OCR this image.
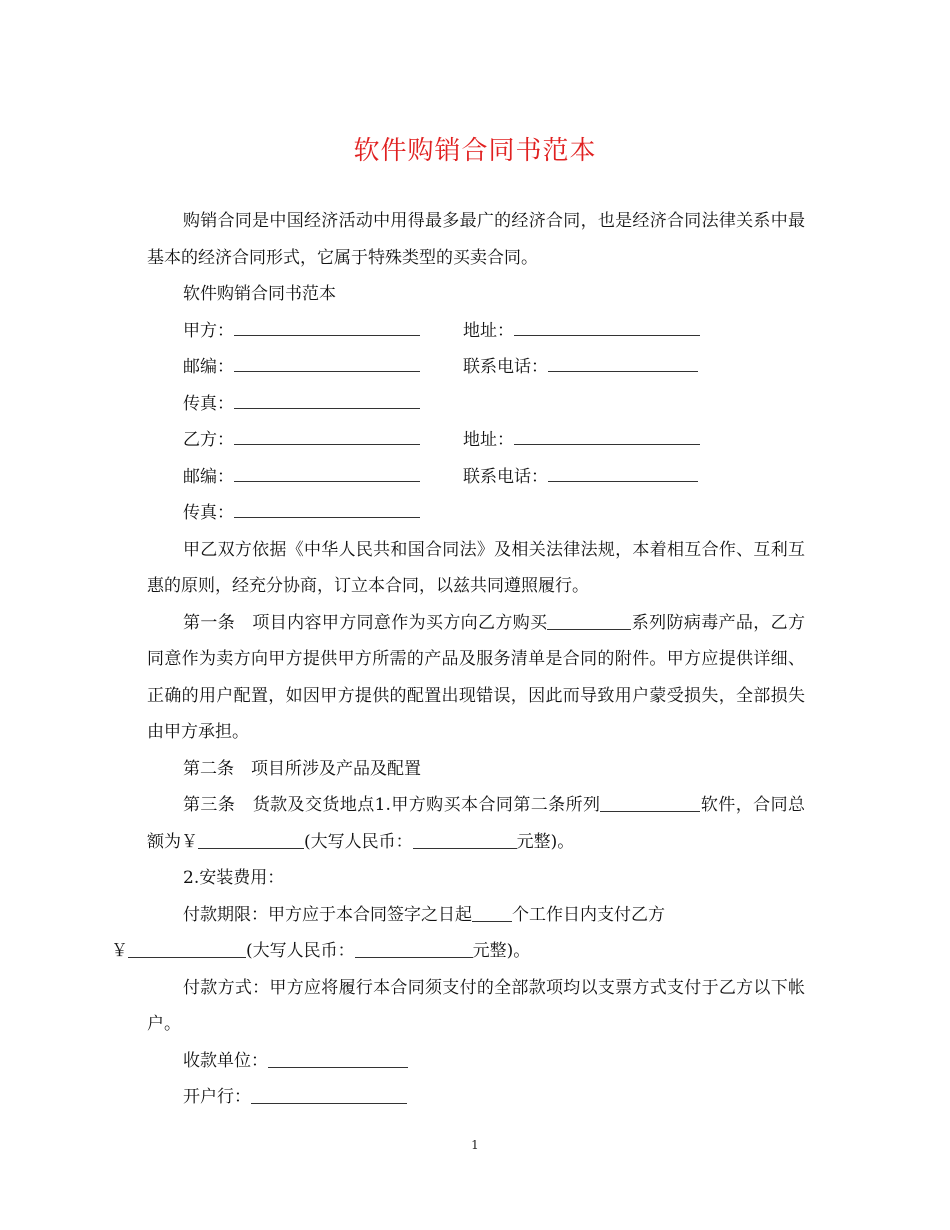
软件购销合同书范本

购销合同是中国经济活动中用得最多最广的经济合同，也是经济合同法律关系中最基本的经济合同形式，它属于特殊类型的买卖合同。

软件购销合同书范本

甲方：	地址：
邮编：	联系电话：
传真：
乙方：	地址：
邮编：	联系电话：
传真：

甲乙双方依据《中华人民共和国合同法》及相关法律法规，本着相互合作、互利互惠的原则，经充分协商，订立本合同，以兹共同遵照履行。

第一条　项目内容甲方同意作为买方向乙方购买	系列防病毒产品，乙方同意作为卖方向甲方提供甲方所需的产品及服务清单是合同的附件。甲方应提供详细、正确的用户配置，如因甲方提供的配置出现错误，因此而导致用户蒙受损失，全部损失由甲方承担。

第二条　项目所涉及产品及配置

第三条　货款及交货地点1.甲方购买本合同第二条所列	软件，合同总额为￥	(大写人民币：	元整)。

2.安装费用：

付款期限：甲方应于本合同签字之日起 个工作日内支付乙方
￥	(大写人民币：	元整)。

付款方式：甲方应将履行本合同须支付的全部款项均以支票方式支付于乙方以下帐户。

收款单位：

开户行：

1
